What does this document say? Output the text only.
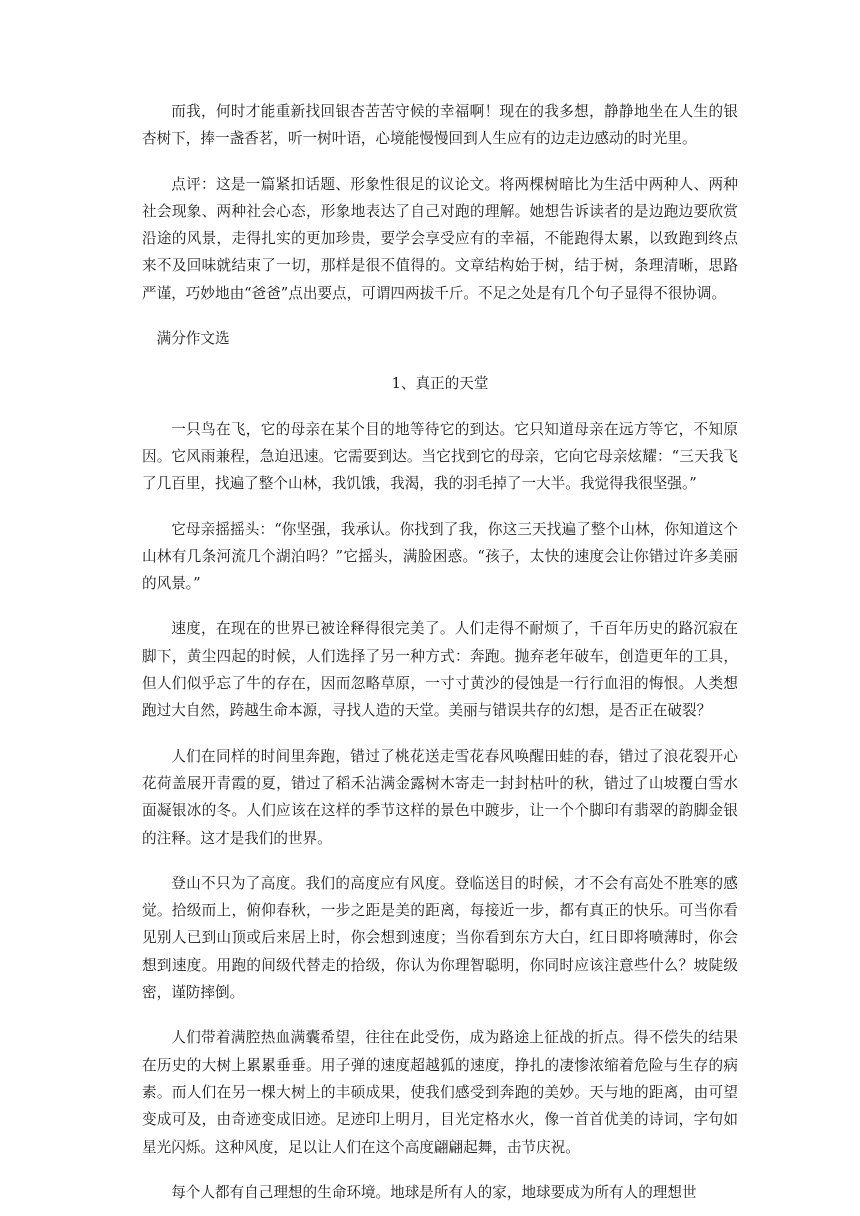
而我，何时才能重新找回银杏苦苦守候的幸福啊！现在的我多想，静静地坐在人生的银杏树下，捧一盏香茗，听一树叶语，心境能慢慢回到人生应有的边走边感动的时光里。

点评：这是一篇紧扣话题、形象性很足的议论文。将两棵树暗比为生活中两种人、两种社会现象、两种社会心态，形象地表达了自己对跑的理解。她想告诉读者的是边跑边要欣赏沿途的风景，走得扎实的更加珍贵，要学会享受应有的幸福，不能跑得太累，以致跑到终点来不及回味就结束了一切，那样是很不值得的。文章结构始于树，结于树，条理清晰，思路严谨，巧妙地由“爸爸”点出要点，可谓四两拔千斤。不足之处是有几个句子显得不很协调。

满分作文选

1、真正的天堂

一只鸟在飞，它的母亲在某个目的地等待它的到达。它只知道母亲在远方等它，不知原因。它风雨兼程，急迫迅速。它需要到达。当它找到它的母亲，它向它母亲炫耀：“三天我飞了几百里，找遍了整个山林，我饥饿，我渴，我的羽毛掉了一大半。我觉得我很坚强。”

它母亲摇摇头：“你坚强，我承认。你找到了我，你这三天找遍了整个山林，你知道这个山林有几条河流几个湖泊吗？”它摇头，满脸困惑。“孩子，太快的速度会让你错过许多美丽的风景。”

速度，在现在的世界已被诠释得很完美了。人们走得不耐烦了，千百年历史的路沉寂在脚下，黄尘四起的时候，人们选择了另一种方式：奔跑。抛弃老年破车，创造更年的工具，但人们似乎忘了牛的存在，因而忽略草原，一寸寸黄沙的侵蚀是一行行血泪的悔恨。人类想跑过大自然，跨越生命本源，寻找人造的天堂。美丽与错误共存的幻想，是否正在破裂？

人们在同样的时间里奔跑，错过了桃花送走雪花春风唤醒田蛙的春，错过了浪花裂开心花荷盖展开青霞的夏，错过了稻禾沾满金露树木寄走一封封枯叶的秋，错过了山坡覆白雪水面凝银冰的冬。人们应该在这样的季节这样的景色中踱步，让一个个脚印有翡翠的韵脚金银的注释。这才是我们的世界。

登山不只为了高度。我们的高度应有风度。登临送目的时候，才不会有高处不胜寒的感觉。拾级而上，俯仰春秋，一步之距是美的距离，每接近一步，都有真正的快乐。可当你看见别人已到山顶或后来居上时，你会想到速度；当你看到东方大白，红日即将喷薄时，你会想到速度。用跑的间级代替走的拾级，你认为你理智聪明，你同时应该注意些什么？坡陡级密，谨防摔倒。

人们带着满腔热血满囊希望，往往在此受伤，成为路途上征战的折点。得不偿失的结果在历史的大树上累累垂垂。用子弹的速度超越狐的速度，挣扎的凄惨浓缩着危险与生存的病素。而人们在另一棵大树上的丰硕成果，使我们感受到奔跑的美妙。天与地的距离，由可望变成可及，由奇迹变成旧迹。足迹印上明月，目光定格水火，像一首首优美的诗词，字句如星光闪烁。这种风度，足以让人们在这个高度翩翩起舞，击节庆祝。

每个人都有自己理想的生命环境。地球是所有人的家，地球要成为所有人的理想世
